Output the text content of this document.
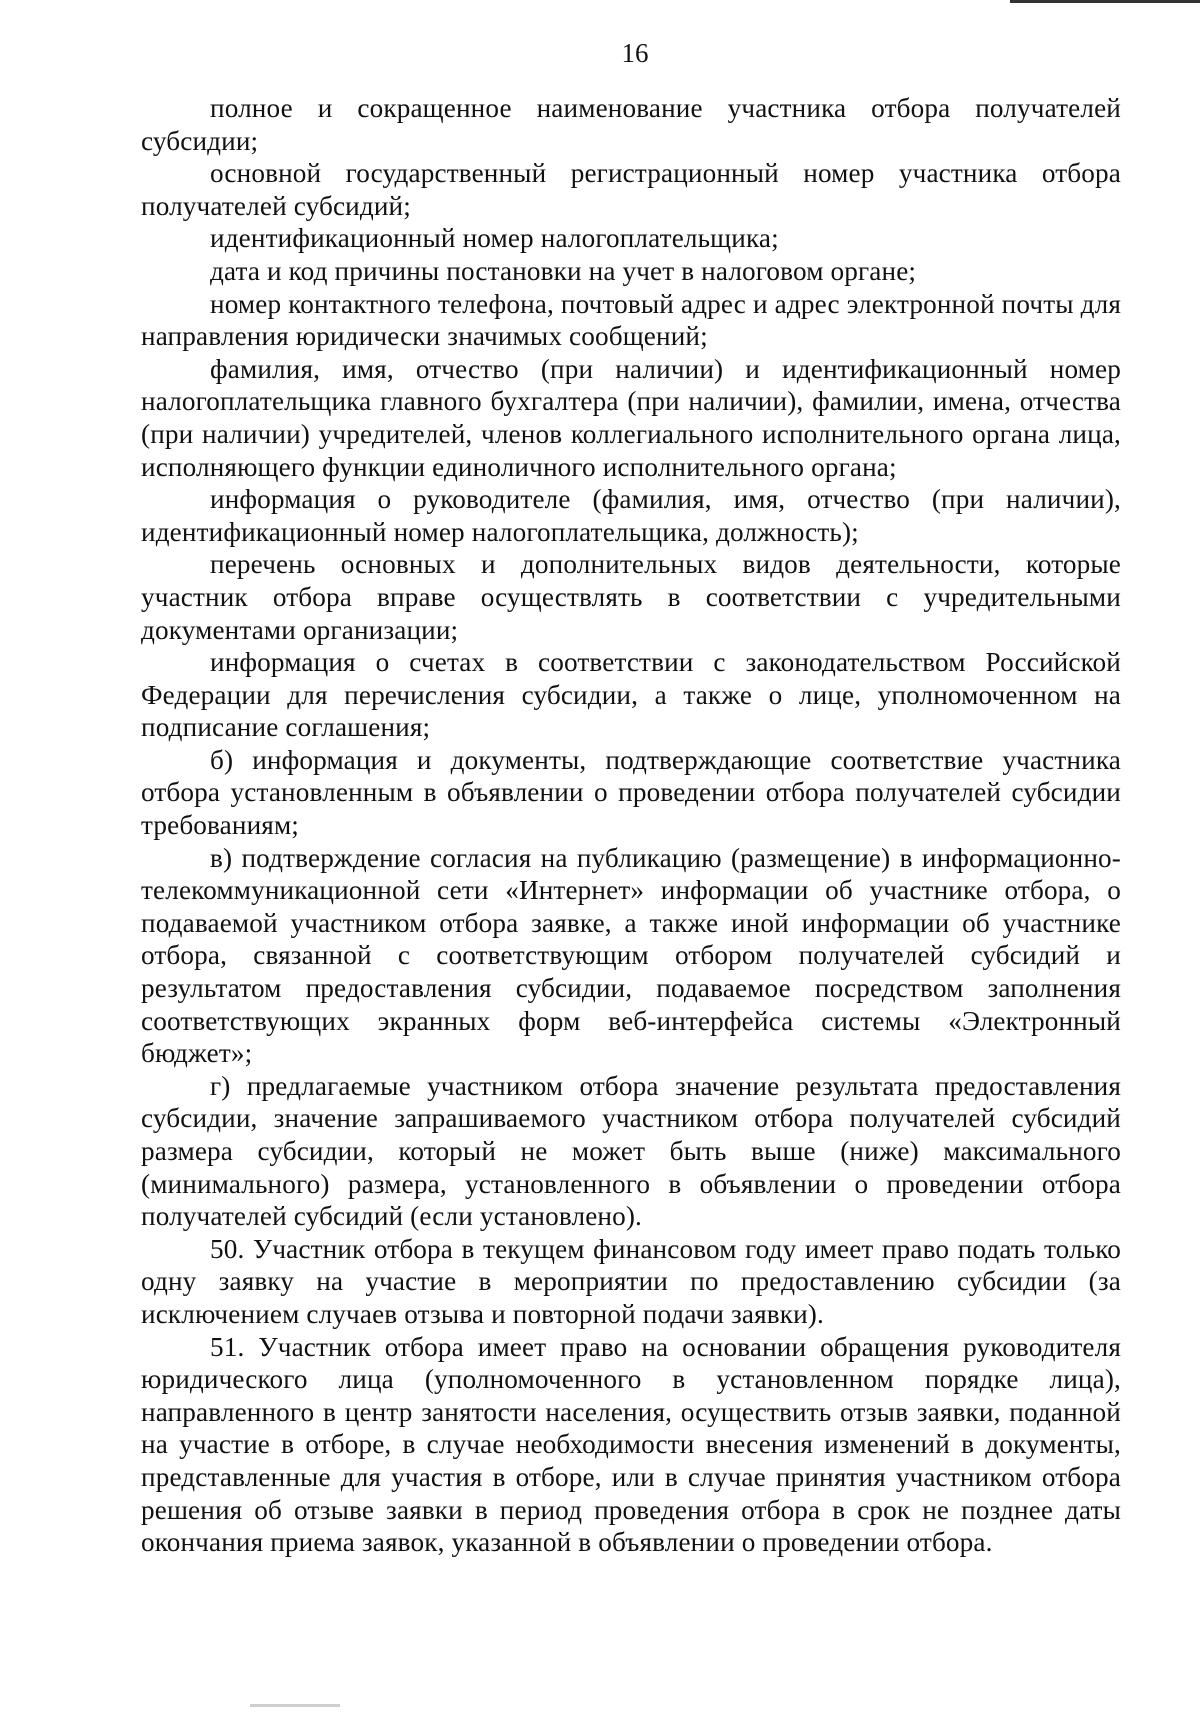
16

полное и сокращенное наименование участника отбора получателей субсидии;

основной государственный регистрационный номер участника отбора получателей субсидий;

идентификационный номер налогоплательщика;

дата и код причины постановки на учет в налоговом органе;

номер контактного телефона, почтовый адрес и адрес электронной почты для направления юридически значимых сообщений;

фамилия, имя, отчество (при наличии) и идентификационный номер налогоплательщика главного бухгалтера (при наличии), фамилии, имена, отчества (при наличии) учредителей, членов коллегиального исполнительного органа лица, исполняющего функции единоличного исполнительного органа;

информация о руководителе (фамилия, имя, отчество (при наличии), идентификационный номер налогоплательщика, должность);

перечень основных и дополнительных видов деятельности, которые участник отбора вправе осуществлять в соответствии с учредительными документами организации;

информация о счетах в соответствии с законодательством Российской Федерации для перечисления субсидии, а также о лице, уполномоченном на подписание соглашения;

б) информация и документы, подтверждающие соответствие участника отбора установленным в объявлении о проведении отбора получателей субсидии требованиям;

в) подтверждение согласия на публикацию (размещение) в информационно-телекоммуникационной сети «Интернет» информации об участнике отбора, о подаваемой участником отбора заявке, а также иной информации об участнике отбора, связанной с соответствующим отбором получателей субсидий и результатом предоставления субсидии, подаваемое посредством заполнения соответствующих экранных форм веб-интерфейса системы «Электронный бюджет»;

г) предлагаемые участником отбора значение результата предоставления субсидии, значение запрашиваемого участником отбора получателей субсидий размера субсидии, который не может быть выше (ниже) максимального (минимального) размера, установленного в объявлении о проведении отбора получателей субсидий (если установлено).

50. Участник отбора в текущем финансовом году имеет право подать только одну заявку на участие в мероприятии по предоставлению субсидии (за исключением случаев отзыва и повторной подачи заявки).

51. Участник отбора имеет право на основании обращения руководителя юридического лица (уполномоченного в установленном порядке лица), направленного в центр занятости населения, осуществить отзыв заявки, поданной на участие в отборе, в случае необходимости внесения изменений в документы, представленные для участия в отборе, или в случае принятия участником отбора решения об отзыве заявки в период проведения отбора в срок не позднее даты окончания приема заявок, указанной в объявлении о проведении отбора.
